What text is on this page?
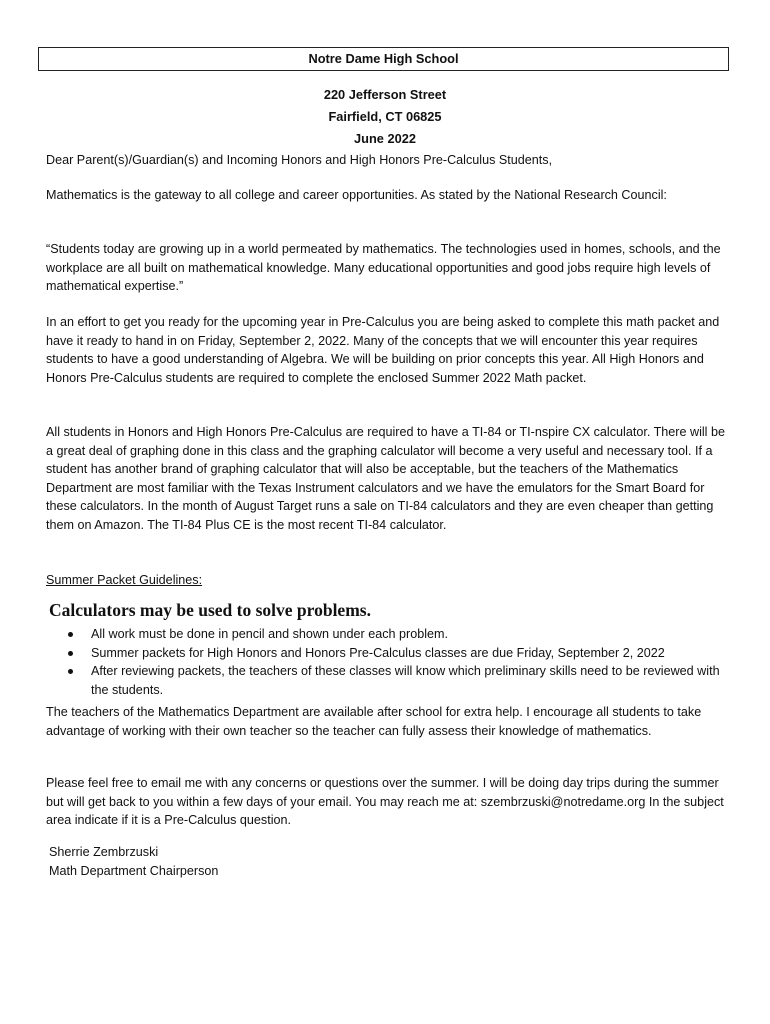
Notre Dame High School
220 Jefferson Street
Fairfield, CT 06825
June 2022

Dear Parent(s)/Guardian(s) and Incoming Honors and High Honors Pre-Calculus Students,

Mathematics is the gateway to all college and career opportunities. As stated by the National Research Council:

“Students today are growing up in a world permeated by mathematics. The technologies used in homes, schools, and the workplace are all built on mathematical knowledge. Many educational opportunities and good jobs require high levels of mathematical expertise.”

In an effort to get you ready for the upcoming year in Pre-Calculus you are being asked to complete this math packet and have it ready to hand in on Friday, September 2, 2022. Many of the concepts that we will encounter this year requires students to have a good understanding of Algebra. We will be building on prior concepts this year. All High Honors and Honors Pre-Calculus students are required to complete the enclosed Summer 2022 Math packet.

All students in Honors and High Honors Pre-Calculus are required to have a TI-84 or TI-nspire CX calculator. There will be a great deal of graphing done in this class and the graphing calculator will become a very useful and necessary tool. If a student has another brand of graphing calculator that will also be acceptable, but the teachers of the Mathematics Department are most familiar with the Texas Instrument calculators and we have the emulators for the Smart Board for these calculators. In the month of August Target runs a sale on TI-84 calculators and they are even cheaper than getting them on Amazon. The TI-84 Plus CE is the most recent TI-84 calculator.

Summer Packet Guidelines:

Calculators may be used to solve problems.

All work must be done in pencil and shown under each problem.
Summer packets for High Honors and Honors Pre-Calculus classes are due Friday, September 2, 2022
After reviewing packets, the teachers of these classes will know which preliminary skills need to be reviewed with the students.

The teachers of the Mathematics Department are available after school for extra help. I encourage all students to take advantage of working with their own teacher so the teacher can fully assess their knowledge of mathematics.

Please feel free to email me with any concerns or questions over the summer. I will be doing day trips during the summer but will get back to you within a few days of your email. You may reach me at: szembrzuski@notredame.org In the subject area indicate if it is a Pre-Calculus question.

Sherrie Zembrzuski

Math Department Chairperson
